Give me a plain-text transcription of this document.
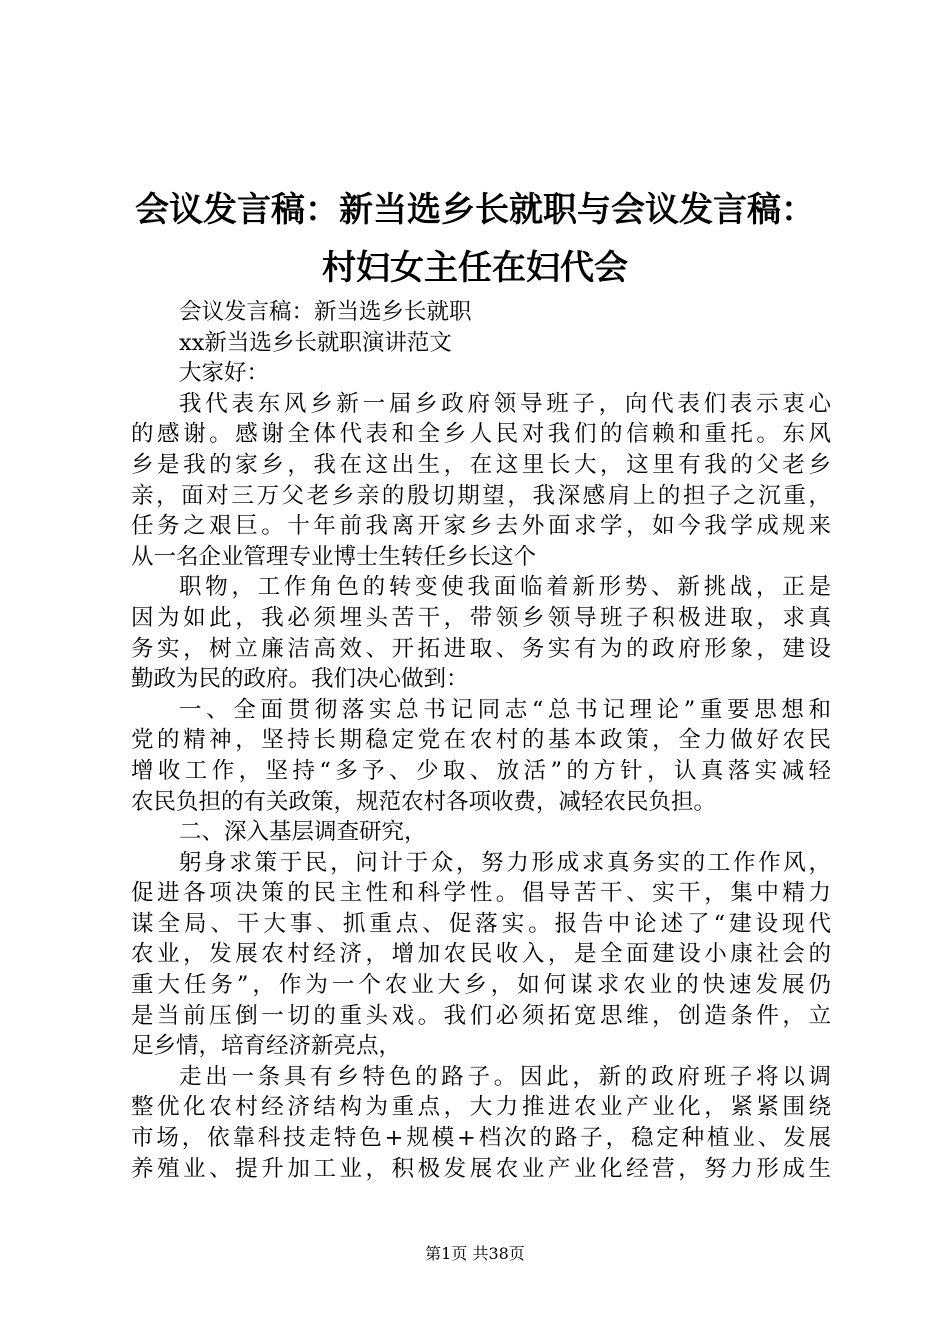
会议发言稿：新当选乡长就职与会议发言稿：
村妇女主任在妇代会
会议发言稿：新当选乡长就职
xx新当选乡长就职演讲范文
大家好：
我代表东风乡新一届乡政府领导班子，向代表们表示衷心
的感谢。感谢全体代表和全乡人民对我们的信赖和重托。东风
乡是我的家乡，我在这出生，在这里长大，这里有我的父老乡
亲，面对三万父老乡亲的殷切期望，我深感肩上的担子之沉重，
任务之艰巨。十年前我离开家乡去外面求学，如今我学成规来
从一名企业管理专业博士生转任乡长这个
职物，工作角色的转变使我面临着新形势、新挑战，正是
因为如此，我必须埋头苦干，带领乡领导班子积极进取，求真
务实，树立廉洁高效、开拓进取、务实有为的政府形象，建设
勤政为民的政府。我们决心做到：
一、全面贯彻落实总书记同志“总书记理论”重要思想和
党的精神，坚持长期稳定党在农村的基本政策，全力做好农民
增收工作，坚持“多予、少取、放活”的方针，认真落实减轻
农民负担的有关政策，规范农村各项收费，减轻农民负担。
二、深入基层调查研究，
躬身求策于民，问计于众，努力形成求真务实的工作作风，
促进各项决策的民主性和科学性。倡导苦干、实干，集中精力
谋全局、干大事、抓重点、促落实。报告中论述了“建设现代
农业，发展农村经济，增加农民收入，是全面建设小康社会的
重大任务”，作为一个农业大乡，如何谋求农业的快速发展仍
是当前压倒一切的重头戏。我们必须拓宽思维，创造条件，立
足乡情，培育经济新亮点，
走出一条具有乡特色的路子。因此，新的政府班子将以调
整优化农村经济结构为重点，大力推进农业产业化，紧紧围绕
市场，依靠科技走特色+规模+档次的路子，稳定种植业、发展
养殖业、提升加工业，积极发展农业产业化经营，努力形成生
第1页 共38页
